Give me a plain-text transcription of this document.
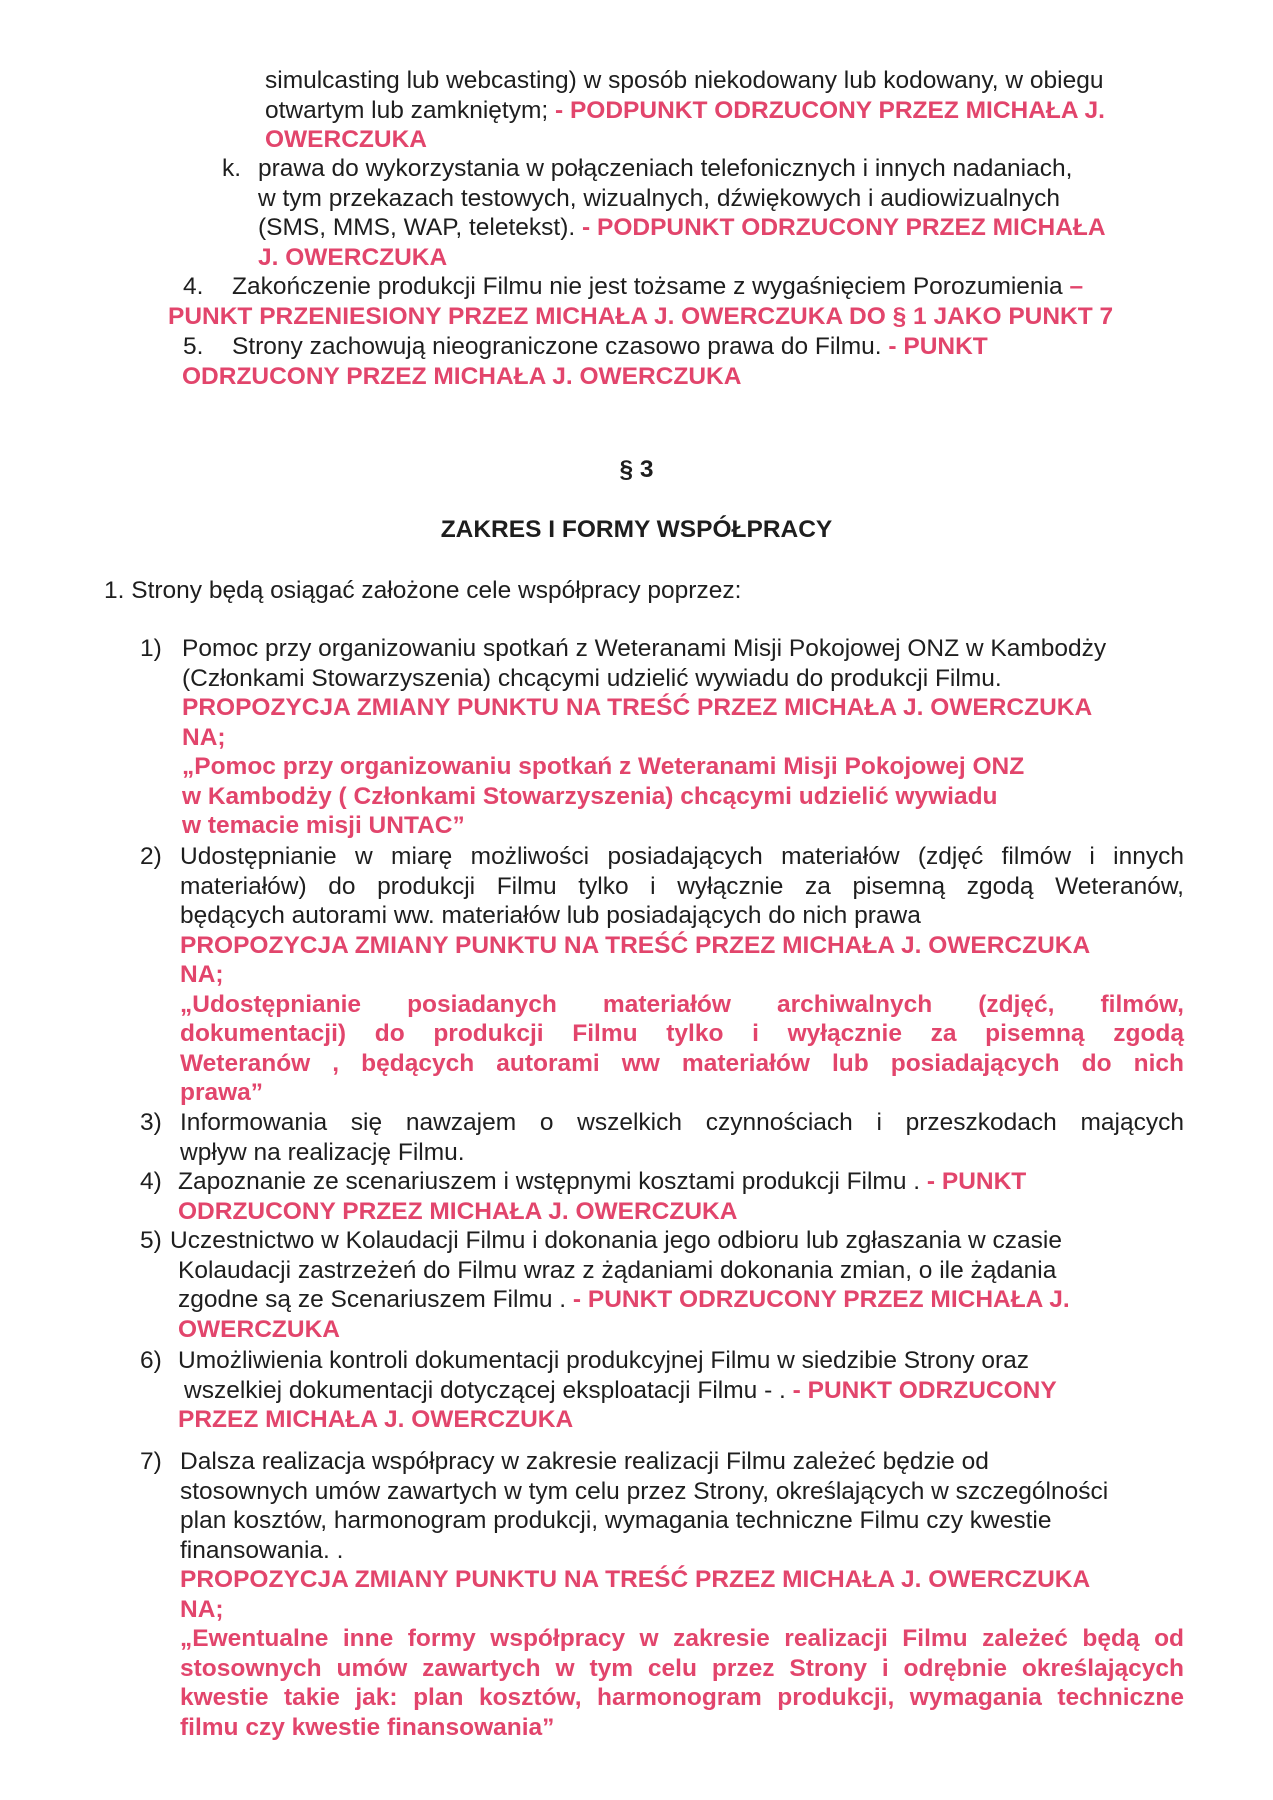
simulcasting lub webcasting) w sposób niekodowany lub kodowany, w obiegu

otwartym lub zamkniętym; - PODPUNKT ODRZUCONY PRZEZ MICHAŁA J.

OWERCZUKA

k. prawa do wykorzystania w połączeniach telefonicznych i innych nadaniach,

w tym przekazach testowych, wizualnych, dźwiękowych i audiowizualnych

(SMS, MMS, WAP, teletekst). - PODPUNKT ODRZUCONY PRZEZ MICHAŁA

J. OWERCZUKA

4. Zakończenie produkcji Filmu nie jest tożsame z wygaśnięciem Porozumienia –

PUNKT PRZENIESIONY PRZEZ MICHAŁA J. OWERCZUKA DO § 1 JAKO PUNKT 7
5. Strony zachowują nieograniczone czasowo prawa do Filmu. - PUNKT

ODRZUCONY PRZEZ MICHAŁA J. OWERCZUKA
§ 3
ZAKRES I FORMY WSPÓŁPRACY
1. Strony będą osiągać założone cele współpracy poprzez:
1) Pomoc przy organizowaniu spotkań z Weteranami Misji Pokojowej ONZ w Kambodży

(Członkami Stowarzyszenia) chcącymi udzielić wywiadu do produkcji Filmu.

PROPOZYCJA ZMIANY PUNKTU NA TREŚĆ PRZEZ MICHAŁA J. OWERCZUKA

NA;

„Pomoc przy organizowaniu spotkań z Weteranami Misji Pokojowej ONZ

w Kambodży ( Członkami Stowarzyszenia) chcącymi udzielić wywiadu

w temacie misji UNTAC”

2) Udostępnianie w miarę możliwości posiadających materiałów (zdjęć filmów i innych

materiałów) do produkcji Filmu tylko i wyłącznie za pisemną zgodą Weteranów,

będących autorami ww. materiałów lub posiadających do nich prawa

PROPOZYCJA ZMIANY PUNKTU NA TREŚĆ PRZEZ MICHAŁA J. OWERCZUKA

NA;

„Udostępnianie posiadanych materiałów archiwalnych (zdjęć, filmów,

dokumentacji) do produkcji Filmu tylko i wyłącznie za pisemną zgodą

Weteranów , będących autorami ww materiałów lub posiadających do nich

prawa”

3) Informowania się nawzajem o wszelkich czynnościach i przeszkodach mających

wpływ na realizację Filmu.

4) Zapoznanie ze scenariuszem i wstępnymi kosztami produkcji Filmu . - PUNKT

ODRZUCONY PRZEZ MICHAŁA J. OWERCZUKA

5) Uczestnictwo w Kolaudacji Filmu i dokonania jego odbioru lub zgłaszania w czasie

Kolaudacji zastrzeżeń do Filmu wraz z żądaniami dokonania zmian, o ile żądania

zgodne są ze Scenariuszem Filmu . - PUNKT ODRZUCONY PRZEZ MICHAŁA J.

OWERCZUKA

6) Umożliwienia kontroli dokumentacji produkcyjnej Filmu w siedzibie Strony oraz

wszelkiej dokumentacji dotyczącej eksploatacji Filmu - . - PUNKT ODRZUCONY

PRZEZ MICHAŁA J. OWERCZUKA

7) Dalsza realizacja współpracy w zakresie realizacji Filmu zależeć będzie od

stosownych umów zawartych w tym celu przez Strony, określających w szczególności

plan kosztów, harmonogram produkcji, wymagania techniczne Filmu czy kwestie

finansowania. .

PROPOZYCJA ZMIANY PUNKTU NA TREŚĆ PRZEZ MICHAŁA J. OWERCZUKA

NA;

„Ewentualne inne formy współpracy w zakresie realizacji Filmu zależeć będą od

stosownych umów zawartych w tym celu przez Strony i odrębnie określających

kwestie takie jak: plan kosztów, harmonogram produkcji, wymagania techniczne

filmu czy kwestie finansowania”
